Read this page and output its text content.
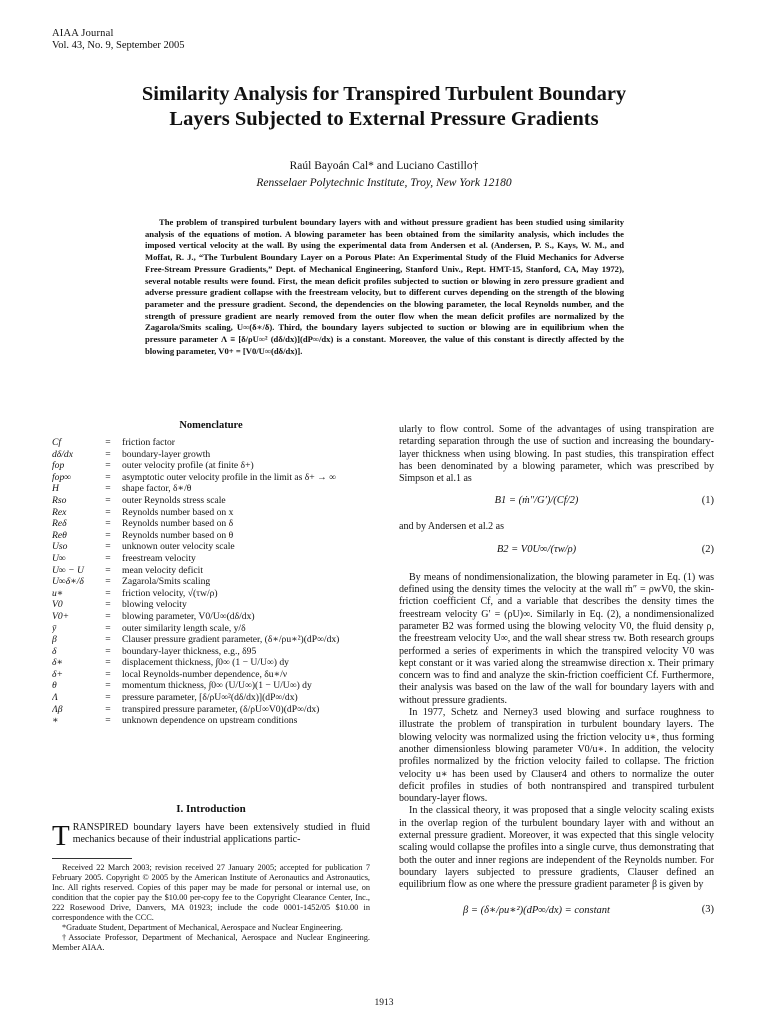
AIAA Journal
Vol. 43, No. 9, September 2005
Similarity Analysis for Transpired Turbulent Boundary
Layers Subjected to External Pressure Gradients
Raúl Bayoán Cal* and Luciano Castillo†
Rensselaer Polytechnic Institute, Troy, New York 12180
The problem of transpired turbulent boundary layers with and without pressure gradient has been studied using similarity analysis of the equations of motion. A blowing parameter has been obtained from the similarity analysis, which includes the imposed vertical velocity at the wall. By using the experimental data from Andersen et al. (Andersen, P. S., Kays, W. M., and Moffat, R. J., “The Turbulent Boundary Layer on a Porous Plate: An Experimental Study of the Fluid Mechanics for Adverse Free-Stream Pressure Gradients,” Dept. of Mechanical Engineering, Stanford Univ., Rept. HMT-15, Stanford, CA, May 1972), several notable results were found. First, the mean deficit profiles subjected to suction or blowing in zero pressure gradient and adverse pressure gradient collapse with the freestream velocity, but to different curves depending on the strength of the blowing parameter and the pressure gradient. Second, the dependencies on the blowing parameter, the local Reynolds number, and the strength of pressure gradient are nearly removed from the outer flow when the mean deficit profiles are normalized by the Zagarola/Smits scaling, U∞(δ∗/δ). Third, the boundary layers subjected to suction or blowing are in equilibrium when the pressure parameter Λ ≡ [δ/ρU∞² (dδ/dx)](dP∞/dx) is a constant. Moreover, the value of this constant is directly affected by the blowing parameter, V0+ = [V0/U∞(dδ/dx)].
Nomenclature
Cf	=	friction factor
dδ/dx	=	boundary-layer growth
fop	=	outer velocity profile (at finite δ+)
fop∞	=	asymptotic outer velocity profile in the limit as δ+ → ∞
H	=	shape factor, δ∗/θ
Rso	=	outer Reynolds stress scale
Rex	=	Reynolds number based on x
Reδ	=	Reynolds number based on δ
Reθ	=	Reynolds number based on θ
Uso	=	unknown outer velocity scale
U∞	=	freestream velocity
U∞ − U	=	mean velocity deficit
U∞δ∗/δ	=	Zagarola/Smits scaling
u∗	=	friction velocity, √(τw/ρ)
V0	=	blowing velocity
V0+	=	blowing parameter, V0/U∞(dδ/dx)
ȳ	=	outer similarity length scale, y/δ
β	=	Clauser pressure gradient parameter, (δ∗/ρu∗²)(dP∞/dx)
δ	=	boundary-layer thickness, e.g., δ95
δ∗	=	displacement thickness, ∫0∞ (1 − U/U∞) dy
δ+	=	local Reynolds-number dependence, δu∗/ν
θ	=	momentum thickness, ∫0∞ (U/U∞)(1 − U/U∞) dy
Λ	=	pressure parameter, [δ/ρU∞²(dδ/dx)](dP∞/dx)
Λβ	=	transpired pressure parameter, (δ/ρU∞V0)(dP∞/dx)
∗	=	unknown dependence on upstream conditions
I. Introduction
TRANSPIRED boundary layers have been extensively studied in fluid mechanics because of their industrial applications partic-

Received 22 March 2003; revision received 27 January 2005; accepted for publication 7 February 2005. Copyright © 2005 by the American Institute of Aeronautics and Astronautics, Inc. All rights reserved. Copies of this paper may be made for personal or internal use, on condition that the copier pay the $10.00 per-copy fee to the Copyright Clearance Center, Inc., 222 Rosewood Drive, Danvers, MA 01923; include the code 0001-1452/05 $10.00 in correspondence with the CCC.

*Graduate Student, Department of Mechanical, Aerospace and Nuclear Engineering.

†Associate Professor, Department of Mechanical, Aerospace and Nuclear Engineering. Member AIAA.

ularly to flow control. Some of the advantages of using transpiration are retarding separation through the use of suction and increasing the boundary-layer thickness when using blowing. In past studies, this transpiration effect has been denominated by a blowing parameter, which was prescribed by Simpson et al.1 as

B1 = (ṁ″/G′)/(Cf/2)	(1)

and by Andersen et al.2 as

B2 = V0U∞/(τw/ρ)	(2)

By means of nondimensionalization, the blowing parameter in Eq. (1) was defined using the density times the velocity at the wall ṁ″ = ρwV0, the skin-friction coefficient Cf, and a variable that describes the density times the freestream velocity G′ = (ρU)∞. Similarly in Eq. (2), a nondimensionalized parameter B2 was formed using the blowing velocity V0, the fluid density ρ, the freestream velocity U∞, and the wall shear stress τw. Both research groups performed a series of experiments in which the transpired velocity V0 was kept constant or it was varied along the streamwise direction x. Their primary concern was to find and analyze the skin-friction coefficient Cf. Furthermore, their analysis was based on the law of the wall for boundary layers with and without pressure gradients.

In 1977, Schetz and Nerney3 used blowing and surface roughness to illustrate the problem of transpiration in turbulent boundary layers. The blowing velocity was normalized using the friction velocity u∗, thus forming another dimensionless blowing parameter V0/u∗. In addition, the velocity profiles normalized by the friction velocity failed to collapse. The friction velocity u∗ has been used by Clauser4 and others to normalize the outer deficit profiles in studies of both nontranspired and transpired turbulent boundary-layer flows.

In the classical theory, it was proposed that a single velocity scaling exists in the overlap region of the turbulent boundary layer with and without an external pressure gradient. Moreover, it was expected that this single velocity scaling would collapse the profiles into a single curve, thus demonstrating that both the outer and inner regions are independent of the Reynolds number. For boundary layers subjected to pressure gradients, Clauser defined an equilibrium flow as one where the pressure gradient parameter β is given by

β = (δ∗/ρu∗²)(dP∞/dx) = constant	(3)
1913
